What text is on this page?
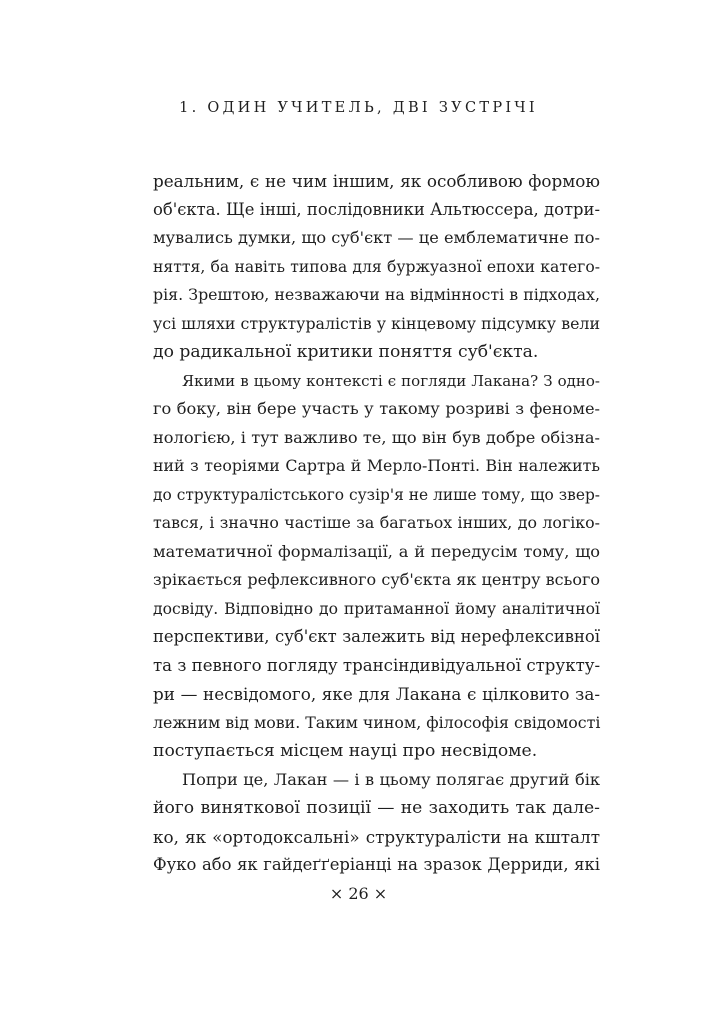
1. ОДИН УЧИТЕЛЬ, ДВІ ЗУСТРІЧІ
реальним, є не чим іншим, як особливою формою
об'єкта. Ще інші, послідовники Альтюссера, дотри-
мувались думки, що суб'єкт — це емблематичне по-
няття, ба навіть типова для буржуазної епохи катего-
рія. Зрештою, незважаючи на відмінності в підходах,
усі шляхи структуралістів у кінцевому підсумку вели
до радикальної критики поняття суб'єкта.
Якими в цьому контексті є погляди Лакана? З одно-
го боку, він бере участь у такому розриві з феноме-
нологією, і тут важливо те, що він був добре обізна-
ний з теоріями Сартра й Мерло-Понті. Він належить
до структуралістського сузір'я не лише тому, що звер-
тався, і значно частіше за багатьох інших, до логіко-
математичної формалізації, а й передусім тому, що
зрікається рефлексивного суб'єкта як центру всього
досвіду. Відповідно до притаманної йому аналітичної
перспективи, суб'єкт залежить від нерефлексивної
та з певного погляду трансіндивідуальної структу-
ри — несвідомого, яке для Лакана є цілковито за-
лежним від мови. Таким чином, філософія свідомості
поступається місцем науці про несвідоме.
Попри це, Лакан — і в цьому полягає другий бік
його виняткової позиції — не заходить так дале-
ко, як «ортодоксальні» структуралісти на кшталт
Фуко або як гайдеґґеріанці на зразок Дерриди, які
× 26 ×
